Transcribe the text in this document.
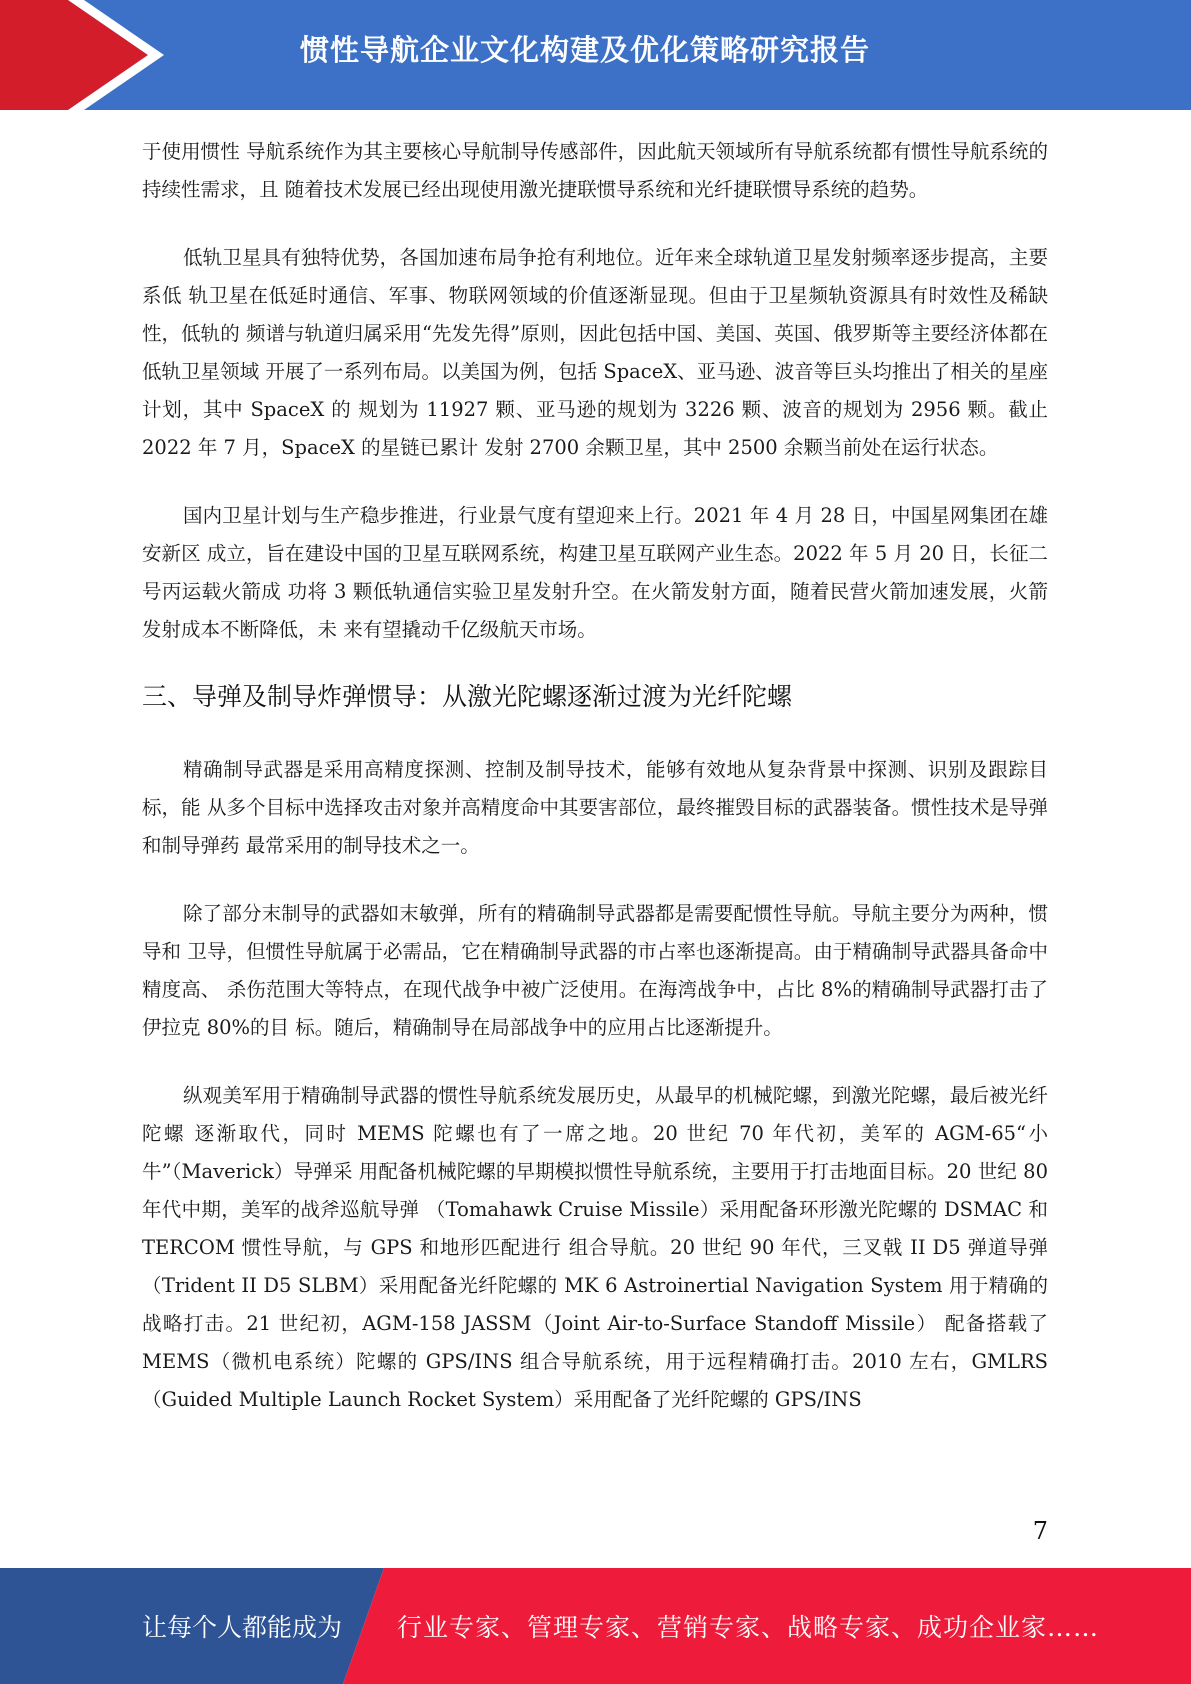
惯性导航企业文化构建及优化策略研究报告

于使用惯性 导航系统作为其主要核心导航制导传感部件，因此航天领域所有导航系统都有惯性导航系统的持续性需求，且 随着技术发展已经出现使用激光捷联惯导系统和光纤捷联惯导系统的趋势。

低轨卫星具有独特优势，各国加速布局争抢有利地位。近年来全球轨道卫星发射频率逐步提高，主要系低 轨卫星在低延时通信、军事、物联网领域的价值逐渐显现。但由于卫星频轨资源具有时效性及稀缺性，低轨的 频谱与轨道归属采用“先发先得”原则，因此包括中国、美国、英国、俄罗斯等主要经济体都在低轨卫星领域 开展了一系列布局。以美国为例，包括 SpaceX、亚马逊、波音等巨头均推出了相关的星座计划，其中 SpaceX 的 规划为 11927 颗、亚马逊的规划为 3226 颗、波音的规划为 2956 颗。截止 2022 年 7 月，SpaceX 的星链已累计 发射 2700 余颗卫星，其中 2500 余颗当前处在运行状态。

国内卫星计划与生产稳步推进，行业景气度有望迎来上行。2021 年 4 月 28 日，中国星网集团在雄安新区 成立，旨在建设中国的卫星互联网系统，构建卫星互联网产业生态。2022 年 5 月 20 日，长征二号丙运载火箭成 功将 3 颗低轨通信实验卫星发射升空。在火箭发射方面，随着民营火箭加速发展，火箭发射成本不断降低，未 来有望撬动千亿级航天市场。

三、导弹及制导炸弹惯导：从激光陀螺逐渐过渡为光纤陀螺

精确制导武器是采用高精度探测、控制及制导技术，能够有效地从复杂背景中探测、识别及跟踪目标，能 从多个目标中选择攻击对象并高精度命中其要害部位，最终摧毁目标的武器装备。惯性技术是导弹和制导弹药 最常采用的制导技术之一。

除了部分末制导的武器如末敏弹，所有的精确制导武器都是需要配惯性导航。导航主要分为两种，惯导和 卫导，但惯性导航属于必需品，它在精确制导武器的市占率也逐渐提高。由于精确制导武器具备命中精度高、 杀伤范围大等特点，在现代战争中被广泛使用。在海湾战争中，占比 8%的精确制导武器打击了伊拉克 80%的目 标。随后，精确制导在局部战争中的应用占比逐渐提升。

纵观美军用于精确制导武器的惯性导航系统发展历史，从最早的机械陀螺，到激光陀螺，最后被光纤陀螺 逐渐取代，同时 MEMS 陀螺也有了一席之地。20 世纪 70 年代初，美军的 AGM-65“小牛”（Maverick）导弹采 用配备机械陀螺的早期模拟惯性导航系统，主要用于打击地面目标。20 世纪 80 年代中期，美军的战斧巡航导弹 （Tomahawk Cruise Missile）采用配备环形激光陀螺的 DSMAC 和 TERCOM 惯性导航，与 GPS 和地形匹配进行 组合导航。20 世纪 90 年代，三叉戟 II D5 弹道导弹 （Trident II D5 SLBM）采用配备光纤陀螺的 MK 6 Astroinertial Navigation System 用于精确的战略打击。21 世纪初，AGM-158 JASSM（Joint Air-to-Surface Standoff Missile） 配备搭载了 MEMS（微机电系统）陀螺的 GPS/INS 组合导航系统，用于远程精确打击。2010 左右，GMLRS （Guided Multiple Launch Rocket System）采用配备了光纤陀螺的 GPS/INS

7
让每个人都能成为 行业专家、管理专家、营销专家、战略专家、成功企业家……
